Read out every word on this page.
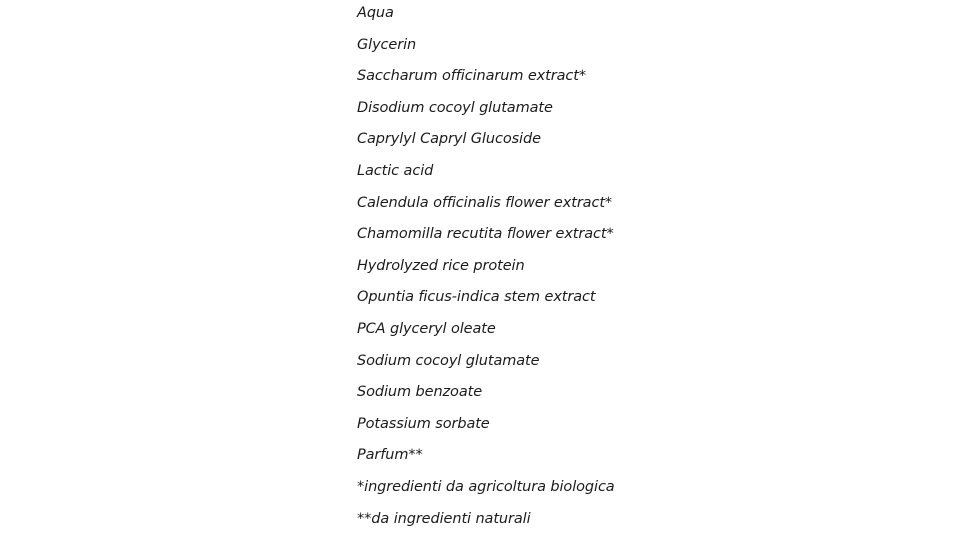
Aqua
Glycerin
Saccharum officinarum extract*
Disodium cocoyl glutamate
Caprylyl Capryl Glucoside
Lactic acid
Calendula officinalis flower extract*
Chamomilla recutita flower extract*
Hydrolyzed rice protein
Opuntia ficus-indica stem extract
PCA glyceryl oleate
Sodium cocoyl glutamate
Sodium benzoate
Potassium sorbate
Parfum**
*ingredienti da agricoltura biologica
**da ingredienti naturali
